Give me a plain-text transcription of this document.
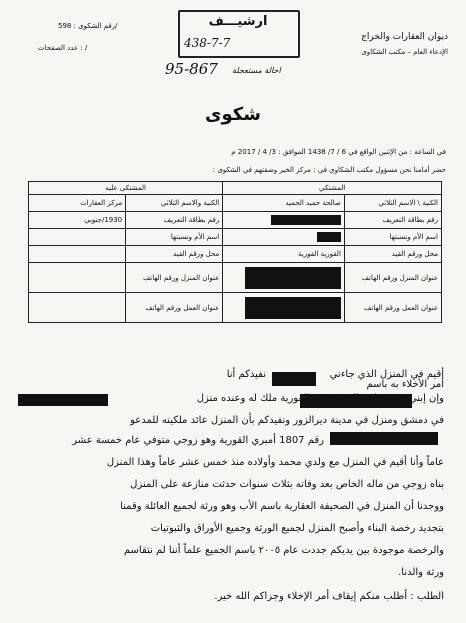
ديوان العقارات والخراج
الإدعاء العام – مكتب الشكاوى
رقم الشكوى : 598/
عدد الصفحات : /
ارشيـــف
438-7-7
95-867 احالة مستعجلة
شكوى
في الساعة : من الإثنين الواقع في 6 / 7/ 1438 الموافق : 3/ 4 / 2017 م
حضر أمامنا نحن مسؤول مكتب الشكاوي في : مركز الخير وصفتهم في الشكوى :
المشتكي		المشتكى عليه	
الكنية \ الاسم الثلاثي	صالحة حميد الحميد	الكنية والاسم الثلاثي	مركز العقارات
رقم بطاقة التعريف		رقم بطاقة التعريف	1930/جنوبي
اسم الأم ونسبتها		اسم الأم ونسبتها	
محل ورقم القيد	القورية القورية	محل ورقم القيد	
عنوان المنزل ورقم الهاتف		عنوان المنزل ورقم الهاتف	
عنوان العمل ورقم الهاتف		عنوان العمل ورقم الهاتف	
أقيم في المنزل الذي جاءني أمر الأخلاء به باسم
نفيدكم أنا
وإن إبني حسين لا يملك بيت في القورية ملك له وعنده منزل
في دمشق ومنزل في مدينة ديرالزور ونفيدكم بأن المنزل عائد ملكيته للمدعو
رقم 1807 أمبري القورية وهو زوجي متوفي عام خمسة عشر
عاماً وأنا أقيم في المنزل مع ولدي محمد وأولاده منذ خمس عشر عاماً وهذا المنزل
بناه زوجي من ماله الخاص بعد وفاته بثلاث سنوات حدثت منازعة على المنزل
ووجدنا أن المنزل في الصحيفة العقارية باسم الأب وهو ورثة لجميع العائلة وقمنا
بتجديد رخصة البناء وأصبح المنزل لجميع الورثة وجميع الأوراق والثبوتيات
والرخصة موجودة بين يديكم جددت عام ٢٠٠٥ باسم الجميع علماً أننا لم نتقاسم
ورثة والدنا.
الطلب : أطلب منكم إيقاف أمر الإخلاء وجزاكم الله خير.
